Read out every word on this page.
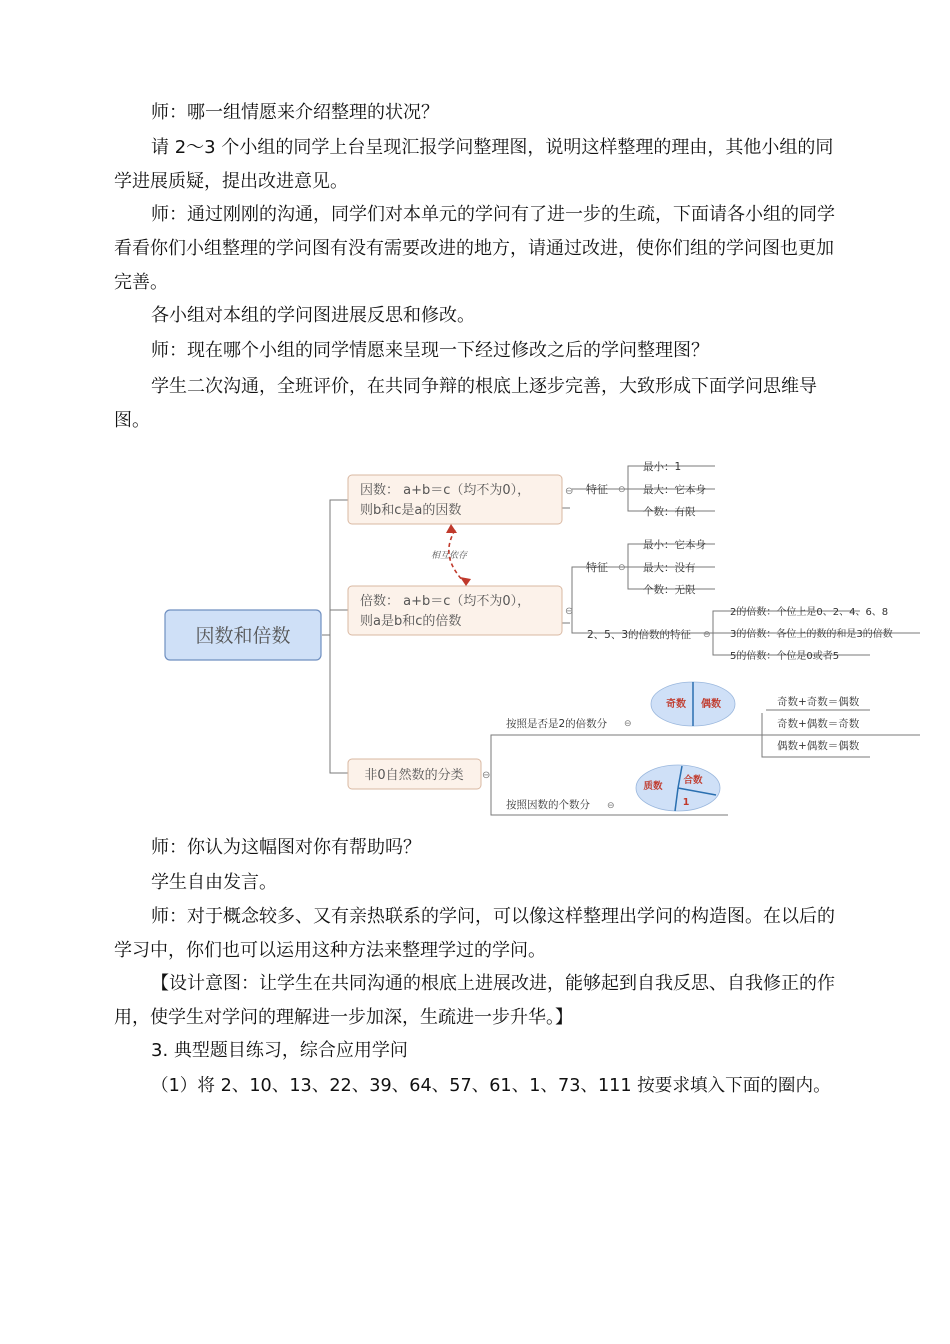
师：哪一组情愿来介绍整理的状况？

请 2～3 个小组的同学上台呈现汇报学问整理图，说明这样整理的理由，其他小组的同学进展质疑，提出改进意见。

师：通过刚刚的沟通，同学们对本单元的学问有了进一步的生疏，下面请各小组的同学看看你们小组整理的学问图有没有需要改进的地方，请通过改进，使你们组的学问图也更加完善。

各小组对本组的学问图进展反思和修改。

师：现在哪个小组的同学情愿来呈现一下经过修改之后的学问整理图？

学生二次沟通，全班评价，在共同争辩的根底上逐步完善，大致形成下面学问思维导图。

因数和倍数
因数： a+b＝c（均不为0），
则b和c是a的因数
⊖
倍数： a+b＝c（均不为0），
则a是b和c的倍数
⊖
相互依存
非0自然数的分类 ⊖
特征 ⊖
最小：1
最大：它本身
个数：有限
特征 ⊖
最小：它本身
最大：没有
个数：无限
2、5、3的倍数的特征 ⊖
2的倍数：个位上是0、2、4、6、8
3的倍数：各位上的数的和是3的倍数
5的倍数：个位是0或者5
按照是否是2的倍数分 ⊖
奇数 偶数	奇数+奇数＝偶数
奇数+偶数＝奇数
偶数+偶数＝偶数
按照因数的个数分 ⊖
质数
合数
1

师：你认为这幅图对你有帮助吗？

学生自由发言。

师：对于概念较多、又有亲热联系的学问，可以像这样整理出学问的构造图。在以后的学习中，你们也可以运用这种方法来整理学过的学问。

【设计意图：让学生在共同沟通的根底上进展改进，能够起到自我反思、自我修正的作用，使学生对学问的理解进一步加深，生疏进一步升华。】

3. 典型题目练习，综合应用学问

（1）将 2、10、13、22、39、64、57、61、1、73、111 按要求填入下面的圈内。
